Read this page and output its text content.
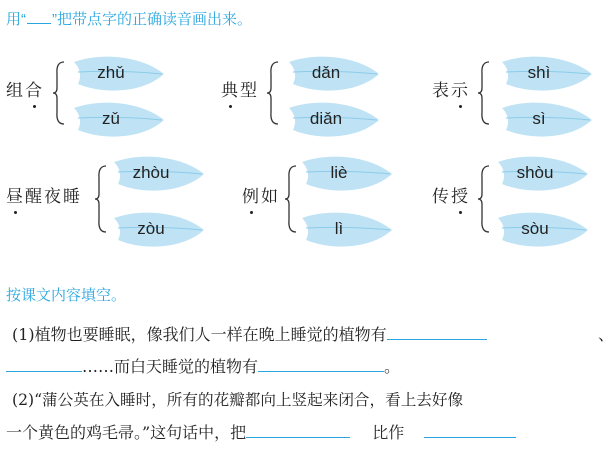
用“ ”把带点字的正确读音画出来。
组合
zhǔ
zǔ
典型
dǎn
diǎn
表示
shì
sì
昼醒夜睡
zhòu
zòu
例如
liè
lì
传授
shòu
sòu
按课文内容填空。
(1)植物也要睡眠，像我们人一样在晚上睡觉的植物有	、
……而白天睡觉的植物有	。
(2)“蒲公英在入睡时，所有的花瓣都向上竖起来闭合，看上去好像
一个黄色的鸡毛帚。”这句话中，把	比作
